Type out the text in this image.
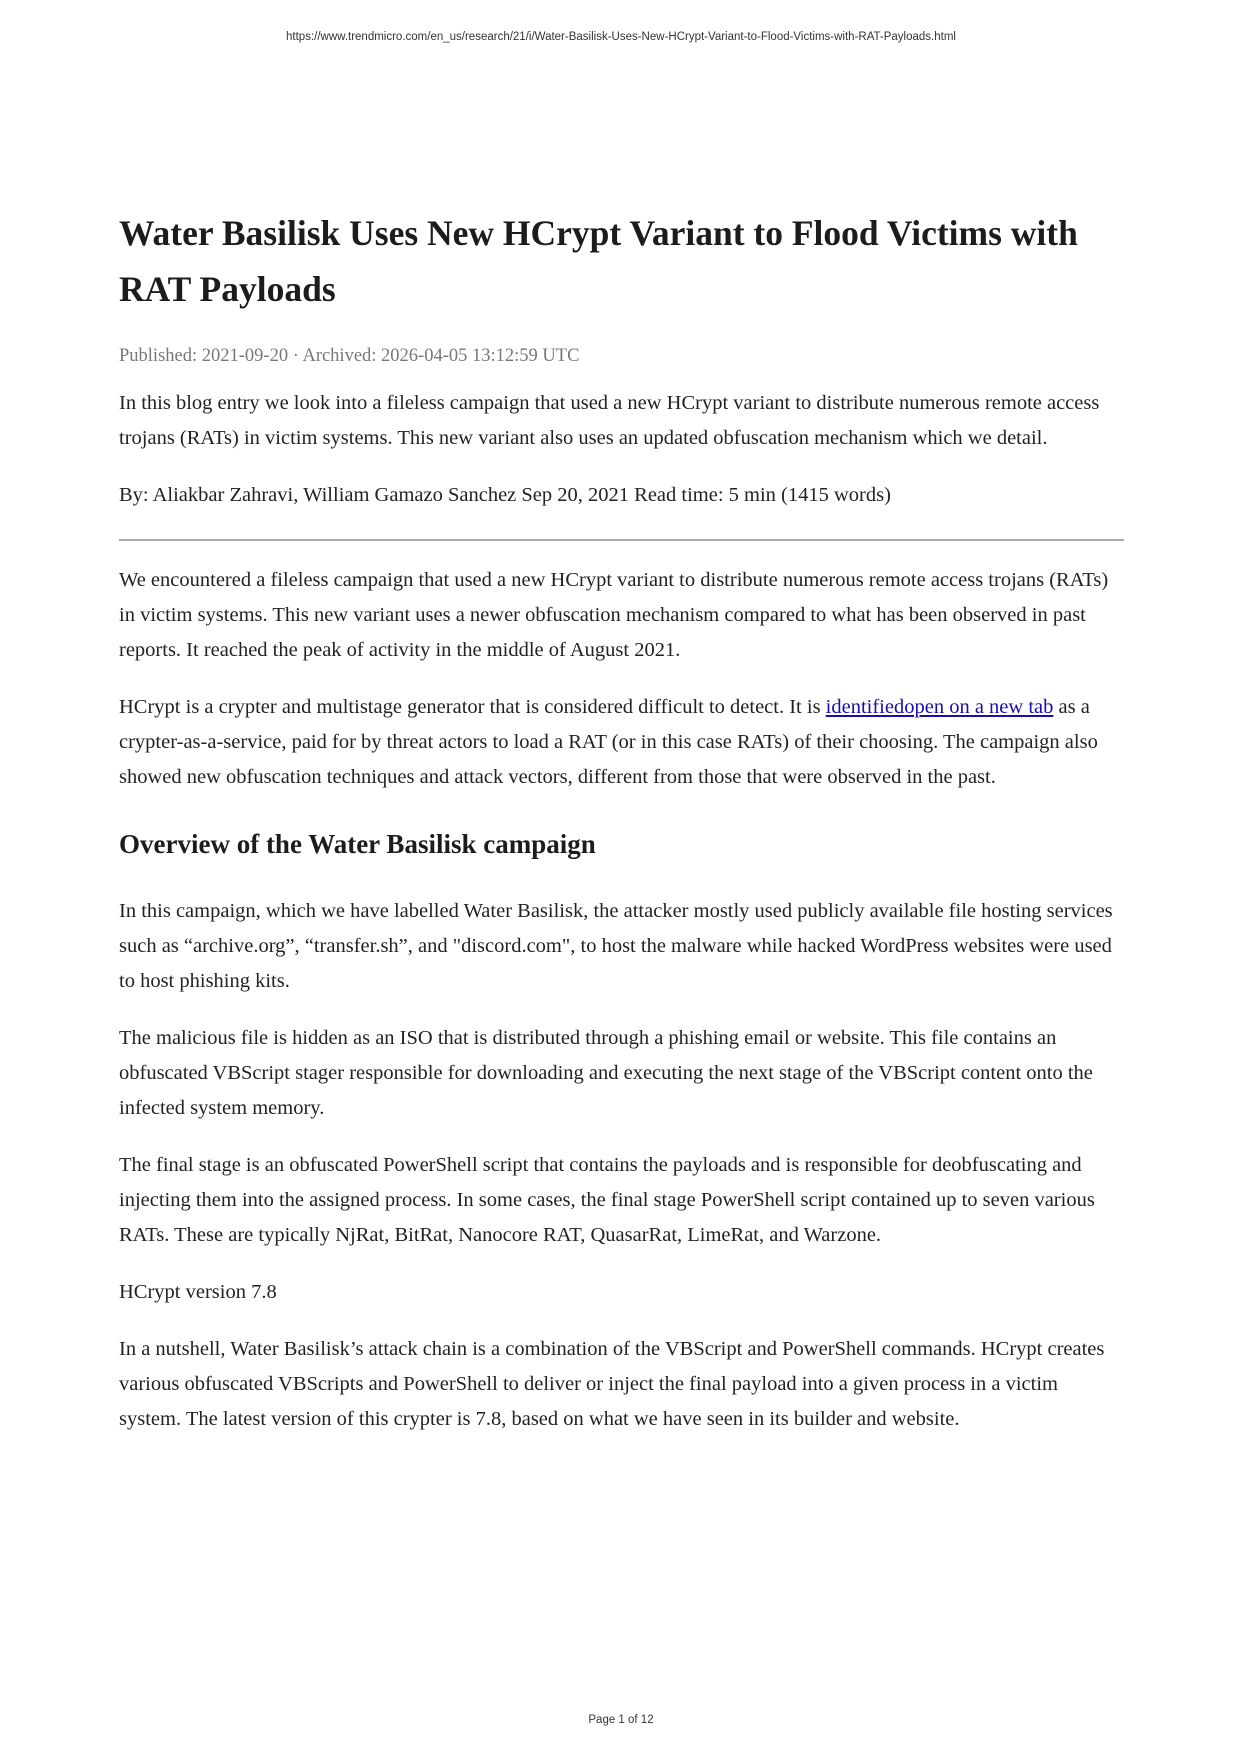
https://www.trendmicro.com/en_us/research/21/i/Water-Basilisk-Uses-New-HCrypt-Variant-to-Flood-Victims-with-RAT-Payloads.html
Water Basilisk Uses New HCrypt Variant to Flood Victims with RAT Payloads
Published: 2021-09-20 · Archived: 2026-04-05 13:12:59 UTC

In this blog entry we look into a fileless campaign that used a new HCrypt variant to distribute numerous remote access trojans (RATs) in victim systems. This new variant also uses an updated obfuscation mechanism which we detail.

By: Aliakbar Zahravi, William Gamazo Sanchez Sep 20, 2021 Read time: 5 min (1415 words)

We encountered a fileless campaign that used a new HCrypt variant to distribute numerous remote access trojans (RATs) in victim systems. This new variant uses a newer obfuscation mechanism compared to what has been observed in past reports. It reached the peak of activity in the middle of August 2021.

HCrypt is a crypter and multistage generator that is considered difficult to detect. It is identifiedopen on a new tab as a crypter-as-a-service, paid for by threat actors to load a RAT (or in this case RATs) of their choosing. The campaign also showed new obfuscation techniques and attack vectors, different from those that were observed in the past.

Overview of the Water Basilisk campaign

In this campaign, which we have labelled Water Basilisk, the attacker mostly used publicly available file hosting services such as “archive.org”, “transfer.sh”, and "discord.com", to host the malware while hacked WordPress websites were used to host phishing kits.

The malicious file is hidden as an ISO that is distributed through a phishing email or website. This file contains an obfuscated VBScript stager responsible for downloading and executing the next stage of the VBScript content onto the infected system memory.

The final stage is an obfuscated PowerShell script that contains the payloads and is responsible for deobfuscating and injecting them into the assigned process. In some cases, the final stage PowerShell script contained up to seven various RATs. These are typically NjRat, BitRat, Nanocore RAT, QuasarRat, LimeRat, and Warzone.

HCrypt version 7.8

In a nutshell, Water Basilisk’s attack chain is a combination of the VBScript and PowerShell commands. HCrypt creates various obfuscated VBScripts and PowerShell to deliver or inject the final payload into a given process in a victim system. The latest version of this crypter is 7.8, based on what we have seen in its builder and website.

Page 1 of 12
